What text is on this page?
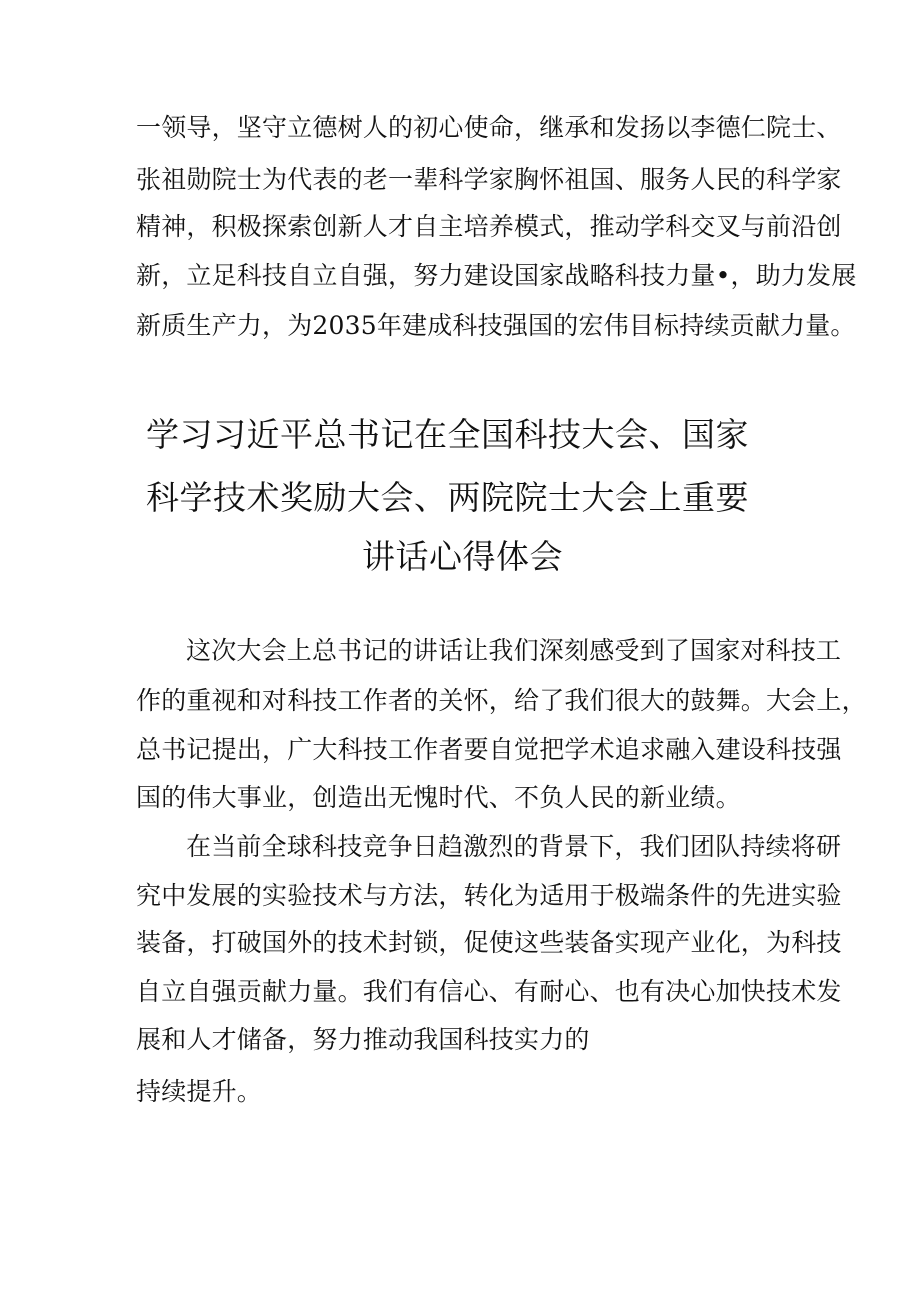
一领导，坚守立德树人的初心使命，继承和发扬以李德仁院士、
张祖勋院士为代表的老一辈科学家胸怀祖国、服务人民的科学家
精神，积极探索创新人才自主培养模式，推动学科交叉与前沿创
新，立足科技自立自强，努力建设国家战略科技力量•，助力发展
新质生产力，为2035年建成科技强国的宏伟目标持续贡献力量。
学习习近平总书记在全国科技大会、国家
科学技术奖励大会、两院院士大会上重要
讲话心得体会
这次大会上总书记的讲话让我们深刻感受到了国家对科技工
作的重视和对科技工作者的关怀，给了我们很大的鼓舞。大会上，
总书记提出，广大科技工作者要自觉把学术追求融入建设科技强
国的伟大事业，创造出无愧时代、不负人民的新业绩。
在当前全球科技竞争日趋激烈的背景下，我们团队持续将研
究中发展的实验技术与方法，转化为适用于极端条件的先进实验
装备，打破国外的技术封锁，促使这些装备实现产业化，为科技
自立自强贡献力量。我们有信心、有耐心、也有决心加快技术发
展和人才储备，努力推动我国科技实力的
持续提升。
